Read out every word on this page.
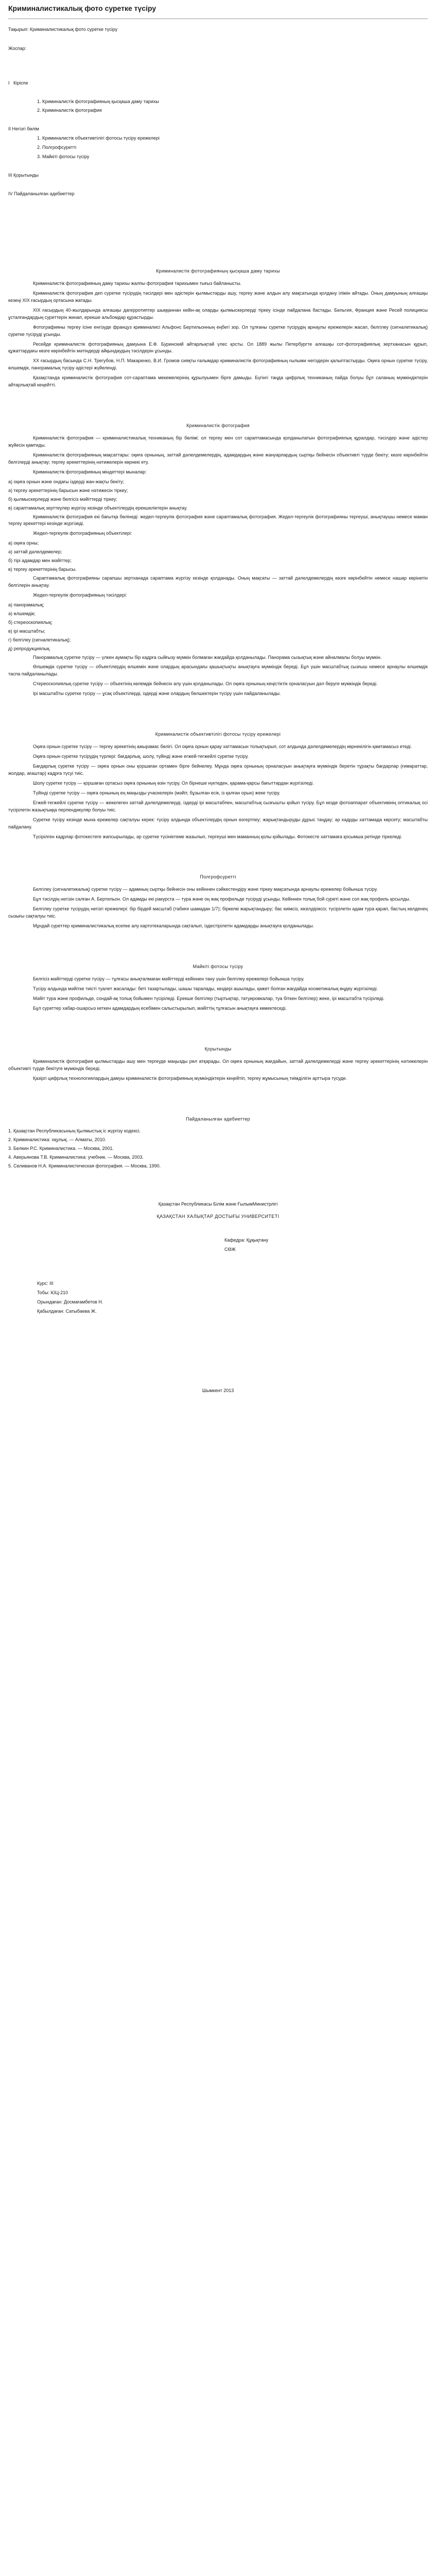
Криминалистикалық фото суретке түсіру
Тақырып: Криминалистикалық фото суретке түсіру
Жоспар:
I   Кіріспе
1. Криминалистік фотографияның қысқаша даму тарихы
2. Криминалистік фотография
II Негізгі бөлім
1. Криминалистік объективтілігі фотосы түсіру ережелері
2. Полгрофсуреттi
3. Майкіті фотосы түсіру
III Қорытынды
IV Пайдаланылған әдебиеттер
Криминалистік фотографияның қысқаша даму тарихы

Криминалистік фотографияның даму тарихы жалпы фотография тарихымен тығыз байланысты.

Криминалистік фотография деп суретке түсірудің тәсілдері мен әдістерін қылмыстарды ашу, тергеу және алдын алу мақсатында қолдану ілімін айтады. Оның дамуының алғашқы кезеңі XIX ғасырдың ортасына жатады.

XIX ғасырдың 40-жылдарында алғашқы дагерротиптер шыққаннан кейін-ақ оларды қылмыскерлерді тіркеу ісінде пайдалана бастады. Бельгия, Франция және Ресей полициясы ұсталғандардың суреттерін жинап, ерекше альбомдар құрастырды.

Фотографияны тергеу ісіне енгізуде француз криминалисі Альфонс Бертильонның еңбегі зор. Ол тұлғаны суретке түсірудің арнаулы ережелерін жасап, белгілеу (сигналетикалық) суретке түсіруді ұсынды.

Ресейде криминалистік фотографияның дамуына Е.Ф. Буринский айтарлықтай үлес қосты. Ол 1889 жылы Петербургте алғашқы сот-фотографиялық зертханасын құрып, құжаттардағы көзге көрінбейтін мәтіндерді айқындаудың тәсілдерін ұсынды.

XX ғасырдың басында С.Н. Трегубов, Н.П. Макаренко, В.И. Громов сияқты ғалымдар криминалистік фотографияның ғылыми негіздерін қалыптастырды. Оқиға орнын суретке түсіру, өлшемдік, панорамалық түсіру әдістері жүйеленді.

Қазақстанда криминалистік фотография сот-сараптама мекемелерінің құрылуымен бірге дамыды. Бүгінгі таңда цифрлық техниканың пайда болуы бұл саланың мүмкіндіктерін айтарлықтай кеңейтті.

Криминалистік фотография

Криминалистік фотография — криминалистикалық техниканың бір бөлімі; ол тергеу мен сот сараптамасында қолданылатын фотографиялық құралдар, тәсілдер және әдістер жүйесін қамтиды.

Криминалистік фотографияның мақсаттары: оқиға орнының, заттай дәлелдемелердің, адамдардың және жануарлардың сыртқы бейнесін объективті түрде бекіту; көзге көрінбейтін белгілерді анықтау; тергеу әрекеттерінің нәтижелерін көрнекі ету.

Криминалистік фотографияның міндеттері мыналар:

а) оқиға орнын және ондағы іздерді жан-жақты бекіту;

ә) тергеу әрекеттерінің барысын және нәтижесін тіркеу;

б) қылмыскерлерді және белгісіз мәйіттерді тіркеу;

в) сараптамалық зерттеулер жүргізу кезінде объектілердің ерекшеліктерін анықтау.

Криминалистік фотография екі бағытқа бөлінеді: жедел-тергеулік фотография және сараптамалық фотография. Жедел-тергеулік фотографияны тергеуші, анықтаушы немесе маман тергеу әрекеттері кезінде жүргізеді.

Жедел-тергеулік фотографияның объектілері:

а) оқиға орны;

ә) заттай дәлелдемелер;

б) тірі адамдар мен мәйіттер;

в) тергеу әрекеттерінің барысы.

Сараптамалық фотографияны сарапшы зертханада сараптама жүргізу кезінде қолданады. Оның мақсаты — заттай дәлелдемелердің көзге көрінбейтін немесе нашар көрінетін белгілерін анықтау.

Жедел-тергеулік фотографияның тәсілдері:

а) панорамалық;

ә) өлшемдік;

б) стереоскопиялық;

в) ірі масштабты;

г) белгілеу (сигналетикалық);

д) репродукциялық.

Панорамалық суретке түсіру — үлкен аумақты бір кадрға сыйғызу мүмкін болмаған жағдайда қолданылады. Панорама сызықтық және айналмалы болуы мүмкін.

Өлшемдік суретке түсіру — объектілердің өлшемін және олардың арасындағы қашықтықты анықтауға мүмкіндік береді. Бұл үшін масштабтық сызғыш немесе арнаулы өлшемдік таспа пайдаланылады.

Стереоскопиялық суретке түсіру — объектінің көлемдік бейнесін алу үшін қолданылады. Ол оқиға орнының кеңістіктік орналасуын дәл беруге мүмкіндік береді.

Ірі масштабты суретке түсіру — ұсақ объектілерді, іздерді және олардың бөлшектерін түсіру үшін пайдаланылады.

Криминалистік объективтілігі фотосы түсіру ережелері

Оқиға орнын суретке түсіру — тергеу әрекетінің ажырамас бөлігі. Ол оқиға орнын қарау хаттамасын толықтырып, сот алдында дәлелдемелердің көрнекілігін қамтамасыз етеді.

Оқиға орнын суретке түсірудің түрлері: бағдарлық, шолу, түйінді және егжей-тегжейлі суретке түсіру.

Бағдарлық суретке түсіру — оқиға орнын оны қоршаған ортамен бірге бейнелеу. Мұнда оқиға орнының орналасуын анықтауға мүмкіндік беретін тұрақты бағдарлар (ғимараттар, жолдар, ағаштар) кадрға түсуі тиіс.

Шолу суретке түсіру — қоршаған ортасыз оқиға орнының өзін түсіру. Ол бірнеше нүктеден, қарама-қарсы бағыттардан жүргізіледі.

Түйінді суретке түсіру — оқиға орнының ең маңызды учаскелерін (мәйіт, бұзылған есік, із қалған орын) жеке түсіру.

Егжей-тегжейлі суретке түсіру — жекелеген заттай дәлелдемелерді, іздерді ірі масштабпен, масштабтық сызғышты қойып түсіру. Бұл кезде фотоаппарат объективінің оптикалық осі түсірілетін жазықтыққа перпендикуляр болуы тиіс.

Суретке түсіру кезінде мына ережелер сақталуы керек: түсіру алдында объектілердің орнын өзгертпеу; жарықтандыруды дұрыс таңдау; әр кадрды хаттамада көрсету; масштабты пайдалану.

Түсірілген кадрлар фотокестеге жапсырылады, әр суретке түсініктеме жазылып, тергеуші мен маманның қолы қойылады. Фотокесте хаттамаға қосымша ретінде тіркеледі.

Полгрофсуреттi

Белгілеу (сигналетикалық) суретке түсіру — адамның сыртқы бейнесін оны кейіннен сәйкестендіру және тіркеу мақсатында арнаулы ережелер бойынша түсіру.

Бұл тәсілдің негізін салған А. Бертильон. Ол адамды екі ракурста — тура және оң жақ профильде түсіруді ұсынды. Кейіннен толық бой суреті және сол жақ профиль қосылды.

Белгілеу суретке түсірудің негізгі ережелері: бір бірдей масштаб (табиғи шамадан 1/7); біркелкі жарықтандыру; бас киімсіз, көзілдіріксіз; түсірілетін адам тура қарап, бастың көлденең сызығы сақталуы тиіс.

Мұндай суреттер криминалистикалық есепке алу картотекаларында сақталып, іздестірілетін адамдарды анықтауға қолданылады.

Майкіті фотосы түсіру

Белгісіз мәйіттерді суретке түсіру — тұлғасы анықталмаған мәйіттерді кейіннен тану үшін белгілеу ережелері бойынша түсіру.

Түсіру алдында мәйітке тиісті туалет жасалады: беті тазартылады, шашы таралады, көздері ашылады, қажет болған жағдайда косметикалық өңдеу жүргізіледі.

Мәйіт тура және профильде, сондай-ақ толық бойымен түсіріледі. Ерекше белгілер (тыртықтар, татуировкалар, туа біткен белгілер) жеке, ірі масштабта түсіріледі.

Бұл суреттер хабар-ошарсыз кеткен адамдардың есебімен салыстырылып, мәйіттің тұлғасын анықтауға көмектеседі.

Қорытынды

Криминалистік фотография қылмыстарды ашу мен тергеуде маңызды рөл атқарады. Ол оқиға орнының жағдайын, заттай дәлелдемелерді және тергеу әрекеттерінің нәтижелерін объективті түрде бекітуге мүмкіндік береді.

Қазіргі цифрлық технологиялардың дамуы криминалистік фотографияның мүмкіндіктерін кеңейтіп, тергеу жұмысының тиімділігін арттыра түсуде.

Пайдаланылған әдебиеттер

1. Қазақстан Республикасының Қылмыстық іс жүргізу кодексі.

2. Криминалистика: оқулық. — Алматы, 2010.

3. Белкин Р.С. Криминалистика. — Москва, 2001.

4. Аверьянова Т.В. Криминалистика: учебник. — Москва, 2003.

5. Селиванов Н.А. Криминалистическая фотография. — Москва, 1990.

Қазақстан Республикасы Білім және ҒылымМинистрлігі
ҚАЗАҚСТАН ХАЛЫҚТАР ДОСТЫҒЫ УНИВЕРСИТЕТІ
Кафедра: Құқықтану
СӨЖ
Курс: III
Тобы: ЮЦ-210
Орындаған: Досмағамбетов Н.
Қабылдаған: Сатыбаева Ж.
Шымкент 2013
